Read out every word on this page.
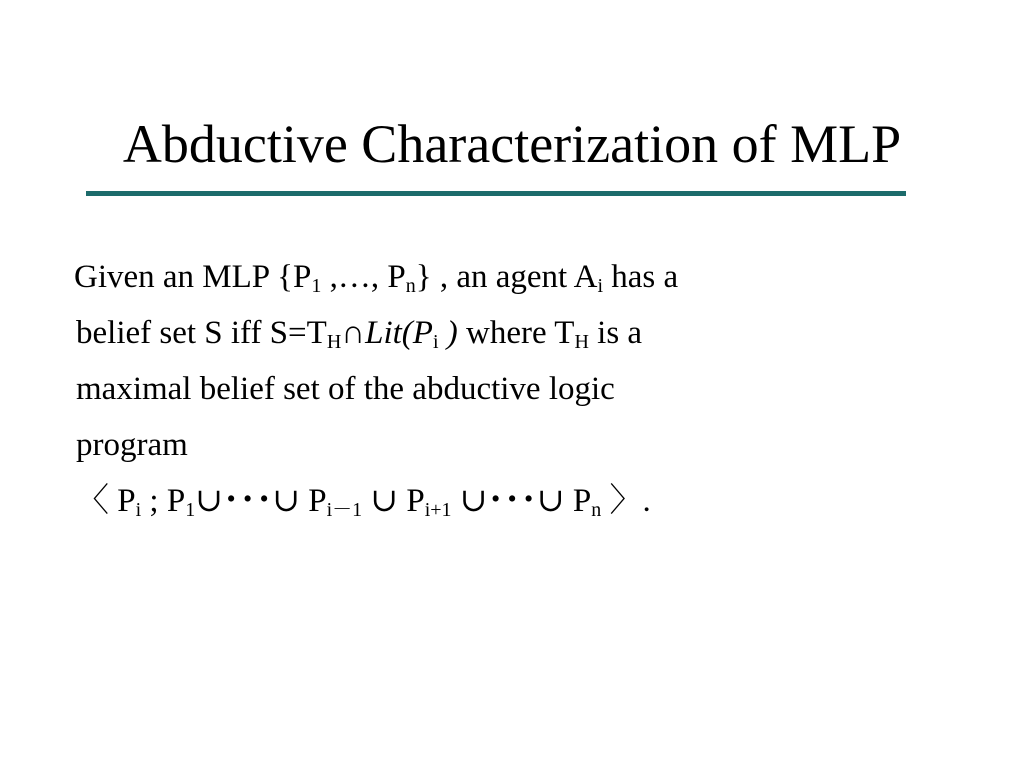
Abductive Characterization of MLP
Given an MLP {$P_1$ ,…, $P_n$} , an agent $A_i$ has a
belief set S iff $S=T_H\cap Lit(P_i$ ) where $T_H$ is a
maximal belief set of the abductive logic
program
〈 $P_i$ ; $P_1\cup$･･･∪ $P_{i-1}$ ∪ $P_{i+1}$ ∪･･･∪ $P_n$ 〉.
